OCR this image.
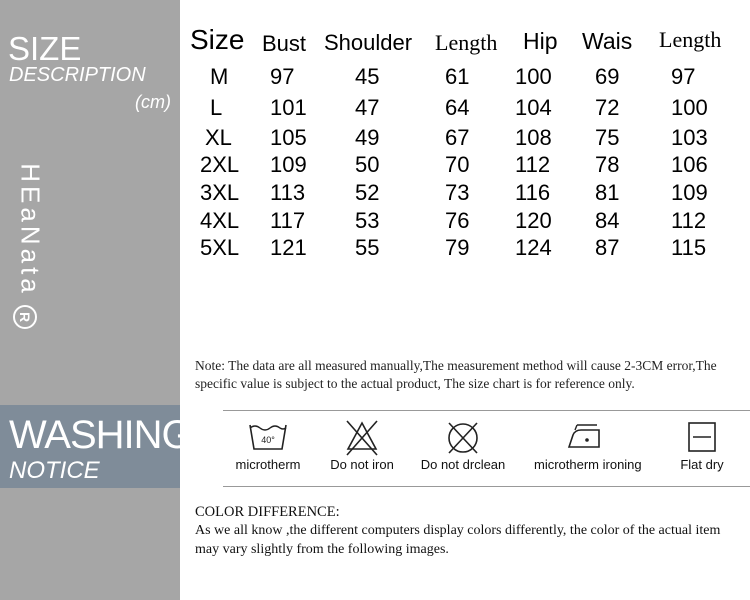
SIZE
DESCRIPTION
(cm)
HEaNata
R
WASHING
NOTICE
Size Bust Shoulder Length Hip Wais Length
M 97	45	61 100 69 97
L 101 47	64 104 72 100
XL 105 49	67 108 75 103
2XL 109 50	70 112 78 106
3XL 113 52	73 116 81 109
4XL 117 53	76 120 84 112
5XL 121 55	79 124 87 115
Note: The data are all measured manually,The measurement method will cause 2-3CM error,The specific value is subject to the actual product, The size chart is for reference only.
40°
microtherm	Do not iron	Do not drclean	microtherm ironing	Flat dry
COLOR DIFFERENCE:
As we all know ,the different computers display colors differently, the color of the actual item
may vary slightly from the following images.
